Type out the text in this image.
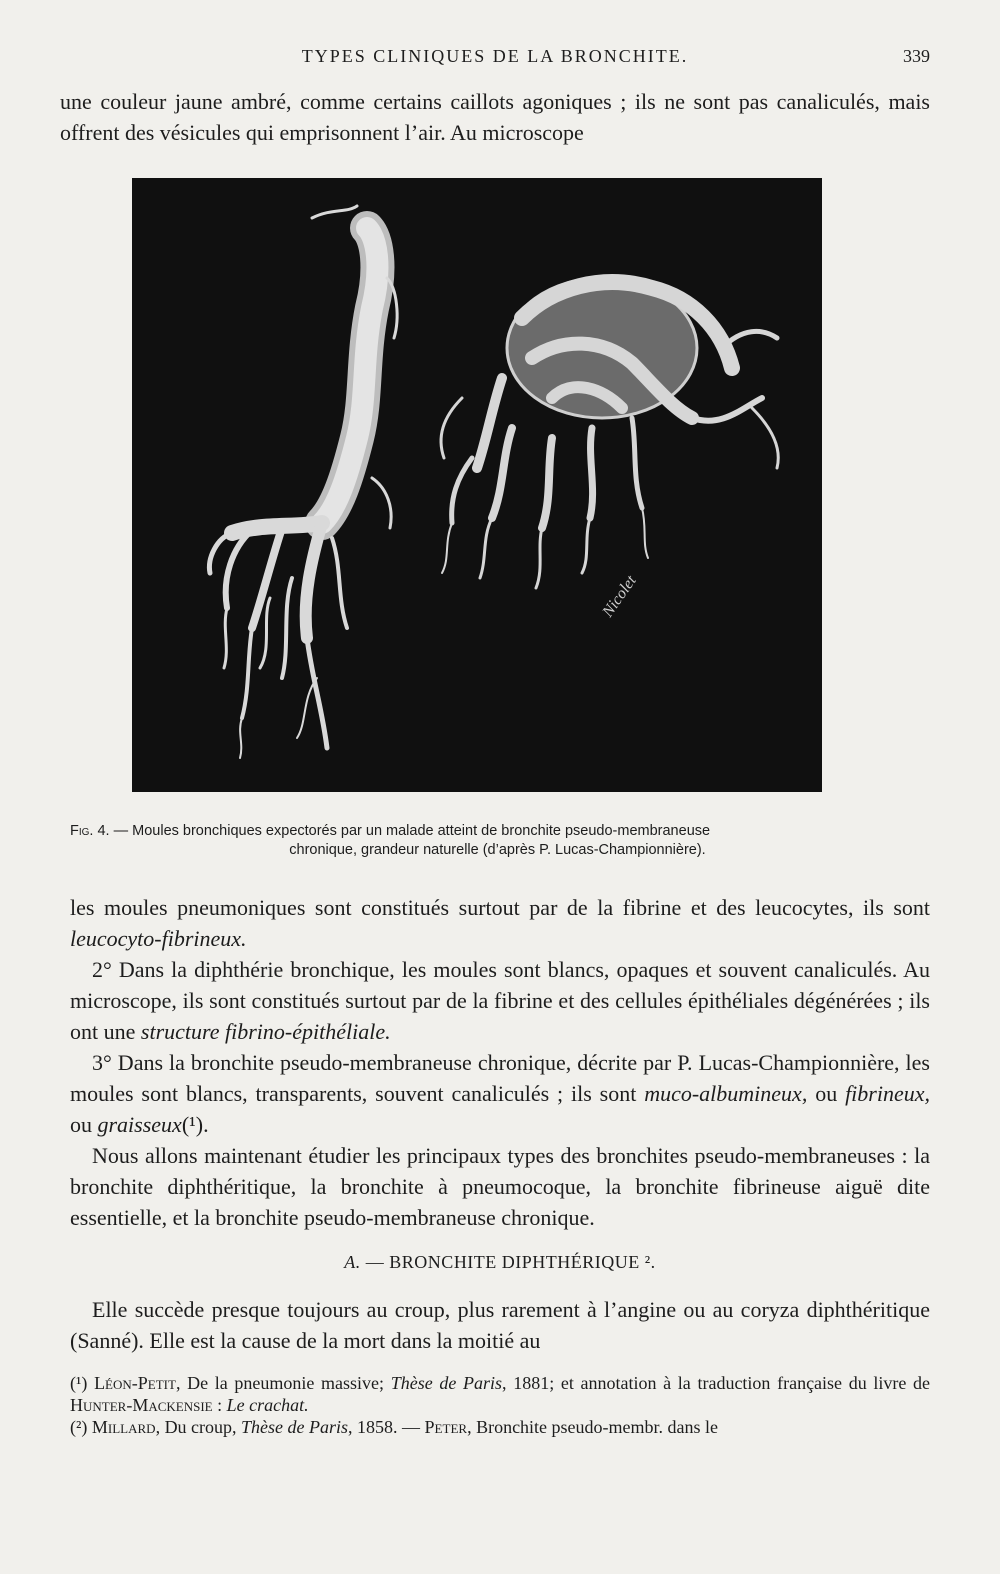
TYPES CLINIQUES DE LA BRONCHITE.	339
une couleur jaune ambré, comme certains caillots agoniques ; ils ne sont pas canaliculés, mais offrent des vésicules qui emprisonnent l’air. Au microscope
Nicolet
Fig. 4. — Moules bronchiques expectorés par un malade atteint de bronchite pseudo-membraneuse
chronique, grandeur naturelle (d’après P. Lucas-Championnière).

les moules pneumoniques sont constitués surtout par de la fibrine et des leucocytes, ils sont leucocyto-fibrineux.

2° Dans la diphthérie bronchique, les moules sont blancs, opaques et souvent canaliculés. Au microscope, ils sont constitués surtout par de la fibrine et des cellules épithéliales dégénérées ; ils ont une structure fibrino-épithéliale.

3° Dans la bronchite pseudo-membraneuse chronique, décrite par P. Lucas-Championnière, les moules sont blancs, transparents, souvent canaliculés ; ils sont muco-albumineux, ou fibrineux, ou graisseux(¹).

Nous allons maintenant étudier les principaux types des bronchites pseudo-membraneuses : la bronchite diphthéritique, la bronchite à pneumocoque, la bronchite fibrineuse aiguë dite essentielle, et la bronchite pseudo-membraneuse chronique.

A. — BRONCHITE DIPHTHÉRIQUE ².

Elle succède presque toujours au croup, plus rarement à l’angine ou au coryza diphthéritique (Sanné). Elle est la cause de la mort dans la moitié au

(¹) Léon-Petit, De la pneumonie massive; Thèse de Paris, 1881; et annotation à la traduction française du livre de Hunter-Mackensie : Le crachat.

(²) Millard, Du croup, Thèse de Paris, 1858. — Peter, Bronchite pseudo-membr. dans le
